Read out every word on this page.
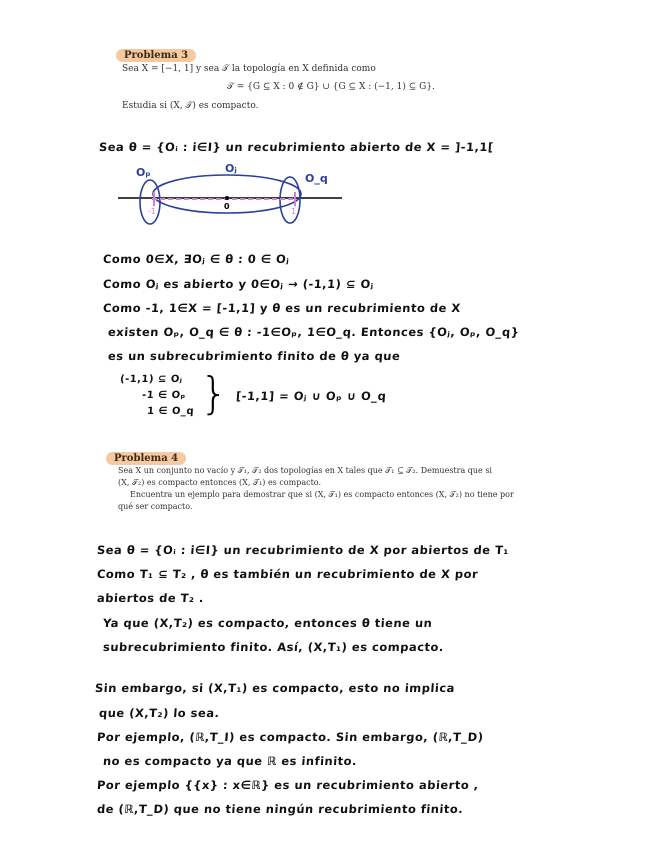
Problema 3
Sea X = [−1, 1] y sea 𝒯 la topología en X definida como
𝒯 = {G ⊆ X : 0 ∉ G} ∪ {G ⊆ X : (−1, 1) ⊆ G}.
Estudia si (X, 𝒯) es compacto.
Sea θ = {Oᵢ : i∈I} un recubrimiento abierto de X = ]-1,1[
Oₚ	Oⱼ
O_q
-1
0
1
Como 0∈X, ∃Oⱼ ∈ θ : 0 ∈ Oⱼ
Como Oⱼ es abierto y 0∈Oⱼ → (-1,1) ⊆ Oⱼ
Como -1, 1∈X = [-1,1] y θ es un recubrimiento de X
existen Oₚ, O_q ∈ θ : -1∈Oₚ, 1∈O_q. Entonces {Oⱼ, Oₚ, O_q}
es un subrecubrimiento finito de θ ya que
(-1,1) ⊆ Oⱼ
-1 ∈ Oₚ
1 ∈ O_q } [-1,1] = Oⱼ ∪ Oₚ ∪ O_q
Problema 4
Sea X un conjunto no vacío y 𝒯₁, 𝒯₂ dos topologías en X tales que 𝒯₁ ⊆ 𝒯₂. Demuestra que si
(X, 𝒯₂) es compacto entonces (X, 𝒯₁) es compacto.
Encuentra un ejemplo para demostrar que si (X, 𝒯₁) es compacto entonces (X, 𝒯₂) no tiene por
qué ser compacto.
Sea θ = {Oᵢ : i∈I} un recubrimiento de X por abiertos de T₁
Como T₁ ⊆ T₂ , θ es también un recubrimiento de X por
abiertos de T₂ .
Ya que (X,T₂) es compacto, entonces θ tiene un
subrecubrimiento finito. Así, (X,T₁) es compacto.
Sin embargo, si (X,T₁) es compacto, esto no implica
que (X,T₂) lo sea.
Por ejemplo, (ℝ,T_I) es compacto. Sin embargo, (ℝ,T_D)
no es compacto ya que ℝ es infinito.
Por ejemplo {{x} : x∈ℝ} es un recubrimiento abierto ,
de (ℝ,T_D) que no tiene ningún recubrimiento finito.
